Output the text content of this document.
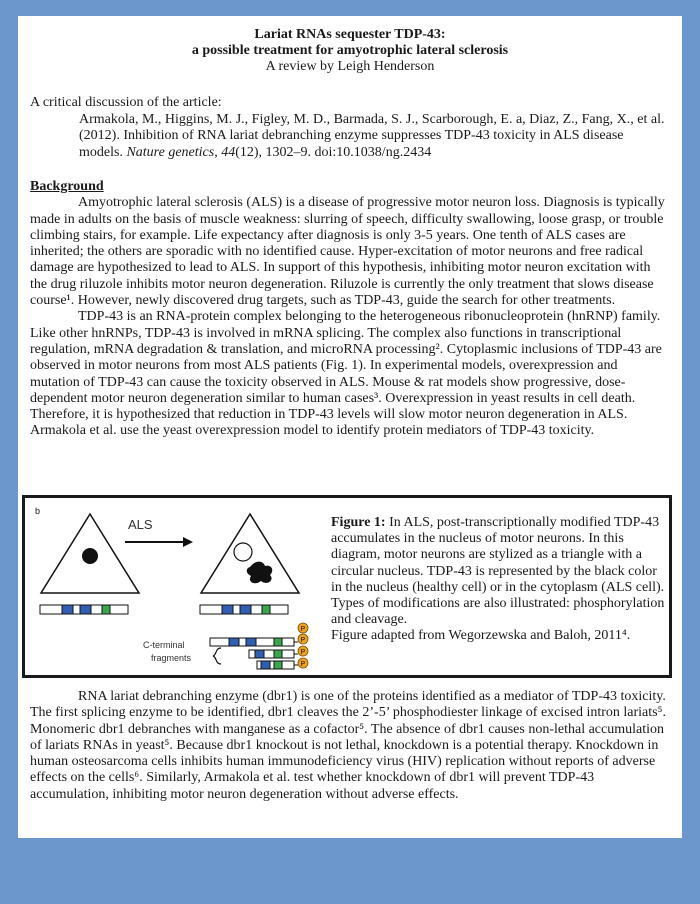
Lariat RNAs sequester TDP-43:
a possible treatment for amyotrophic lateral sclerosis
A review by Leigh Henderson
A critical discussion of the article:
Armakola, M., Higgins, M. J., Figley, M. D., Barmada, S. J., Scarborough, E. a, Diaz, Z., Fang, X., et al. (2012). Inhibition of RNA lariat debranching enzyme suppresses TDP-43 toxicity in ALS disease models. Nature genetics, 44(12), 1302–9. doi:10.1038/ng.2434
Background

Amyotrophic lateral sclerosis (ALS) is a disease of progressive motor neuron loss. Diagnosis is typically made in adults on the basis of muscle weakness: slurring of speech, difficulty swallowing, loose grasp, or trouble climbing stairs, for example. Life expectancy after diagnosis is only 3-5 years. One tenth of ALS cases are inherited; the others are sporadic with no identified cause. Hyper-excitation of motor neurons and free radical damage are hypothesized to lead to ALS. In support of this hypothesis, inhibiting motor neuron excitation with the drug riluzole inhibits motor neuron degeneration. Riluzole is currently the only treatment that slows disease course¹. However, newly discovered drug targets, such as TDP-43, guide the search for other treatments.

TDP-43 is an RNA-protein complex belonging to the heterogeneous ribonucleoprotein (hnRNP) family. Like other hnRNPs, TDP-43 is involved in mRNA splicing. The complex also functions in transcriptional regulation, mRNA degradation & translation, and microRNA processing². Cytoplasmic inclusions of TDP-43 are observed in motor neurons from most ALS patients (Fig. 1). In experimental models, overexpression and mutation of TDP-43 can cause the toxicity observed in ALS. Mouse & rat models show progressive, dose-dependent motor neuron degeneration similar to human cases³. Overexpression in yeast results in cell death. Therefore, it is hypothesized that reduction in TDP-43 levels will slow motor neuron degeneration in ALS. Armakola et al. use the yeast overexpression model to identify protein mediators of TDP-43 toxicity.

b
ALS
P
P
P
P
C-terminal
fragments
Figure 1: In ALS, post-transcriptionally modified TDP-43 accumulates in the nucleus of motor neurons. In this diagram, motor neurons are stylized as a triangle with a circular nucleus. TDP-43 is represented by the black color in the nucleus (healthy cell) or in the cytoplasm (ALS cell). Types of modifications are also illustrated: phosphorylation and cleavage.
Figure adapted from Wegorzewska and Baloh, 2011⁴.

RNA lariat debranching enzyme (dbr1) is one of the proteins identified as a mediator of TDP-43 toxicity. The first splicing enzyme to be identified, dbr1 cleaves the 2’-5’ phosphodiester linkage of excised intron lariats⁵. Monomeric dbr1 debranches with manganese as a cofactor⁵. The absence of dbr1 causes non-lethal accumulation of lariats RNAs in yeast⁵. Because dbr1 knockout is not lethal, knockdown is a potential therapy. Knockdown in human osteosarcoma cells inhibits human immunodeficiency virus (HIV) replication without reports of adverse effects on the cells⁶. Similarly, Armakola et al. test whether knockdown of dbr1 will prevent TDP-43 accumulation, inhibiting motor neuron degeneration without adverse effects.
